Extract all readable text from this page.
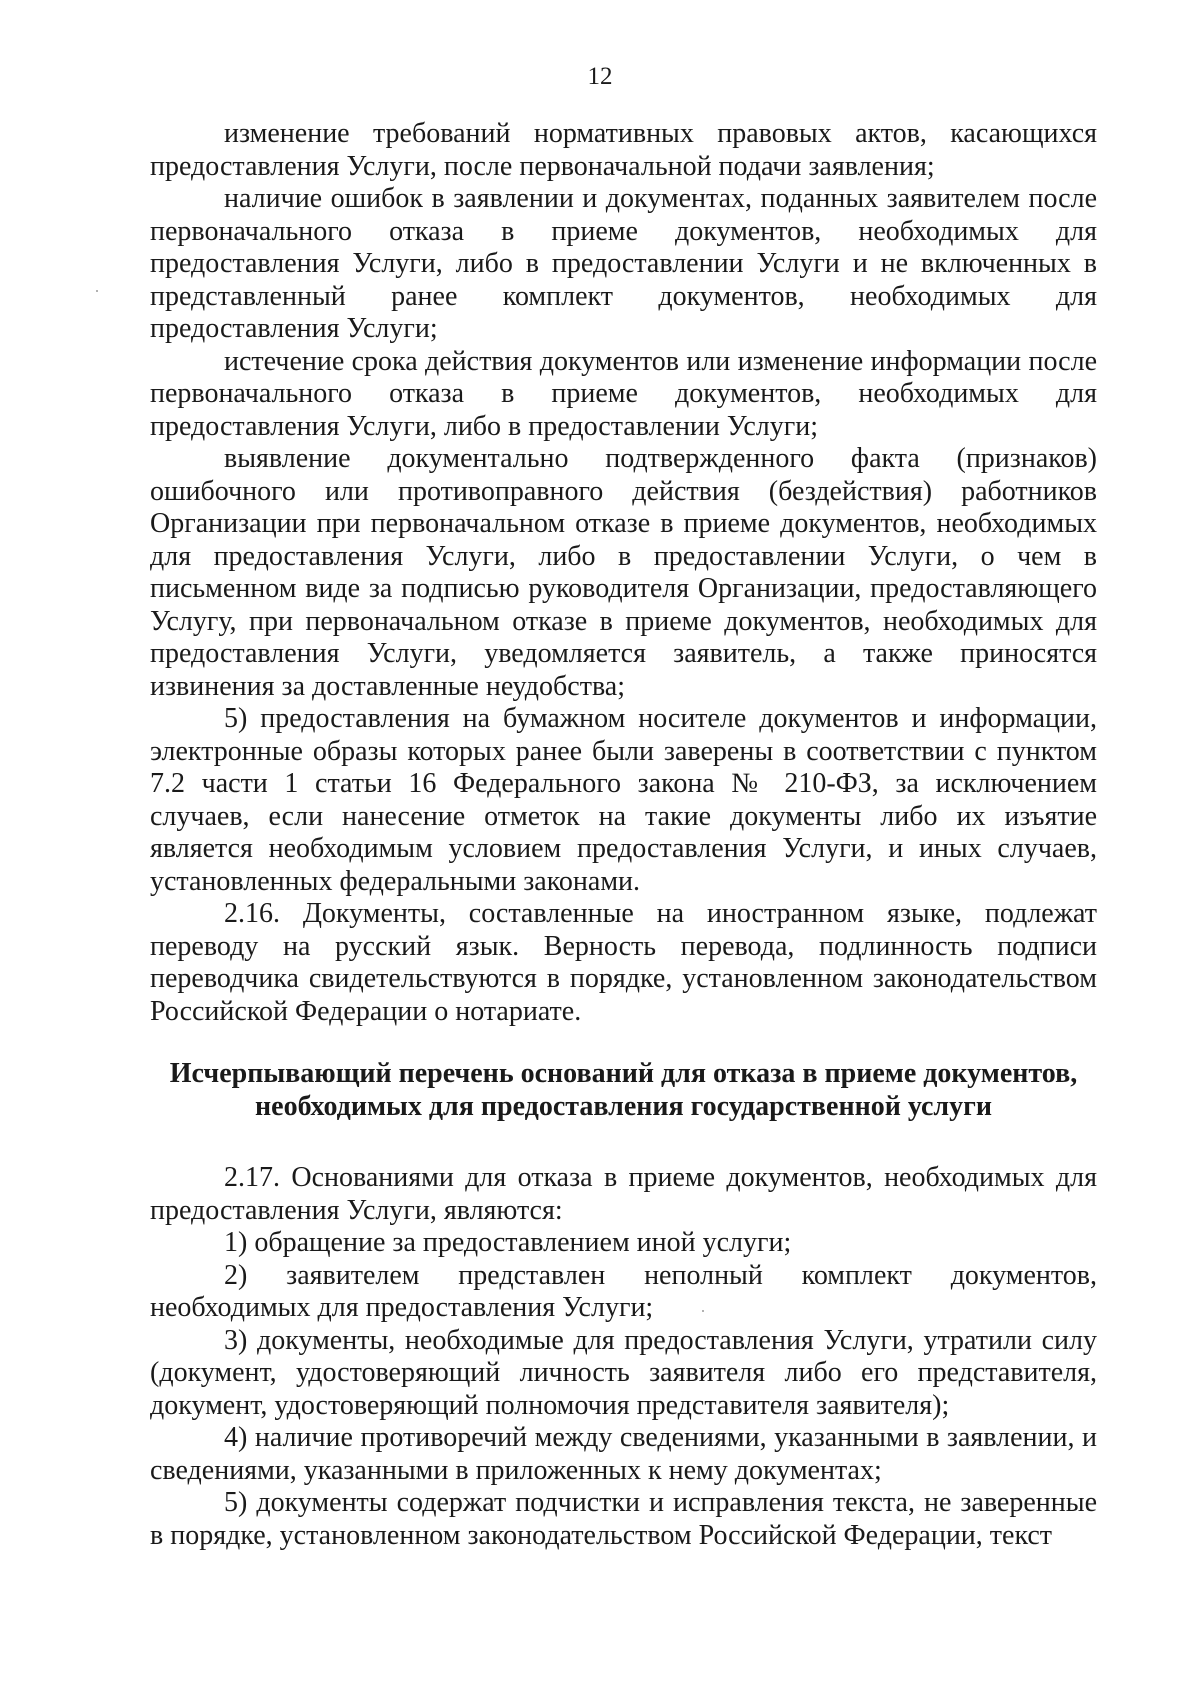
12

изменение требований нормативных правовых актов, касающихся предоставления Услуги, после первоначальной подачи заявления;

наличие ошибок в заявлении и документах, поданных заявителем после первоначального отказа в приеме документов, необходимых для предоставления Услуги, либо в предоставлении Услуги и не включенных в представленный ранее комплект документов, необходимых для предоставления Услуги;

истечение срока действия документов или изменение информации после первоначального отказа в приеме документов, необходимых для предоставления Услуги, либо в предоставлении Услуги;

выявление документально подтвержденного факта (признаков) ошибочного или противоправного действия (бездействия) работников Организации при первоначальном отказе в приеме документов, необходимых для предоставления Услуги, либо в предоставлении Услуги, о чем в письменном виде за подписью руководителя Организации, предоставляющего Услугу, при первоначальном отказе в приеме документов, необходимых для предоставления Услуги, уведомляется заявитель, а также приносятся извинения за доставленные неудобства;

5) предоставления на бумажном носителе документов и информации, электронные образы которых ранее были заверены в соответствии с пунктом 7.2 части 1 статьи 16 Федерального закона № 210-ФЗ, за исключением случаев, если нанесение отметок на такие документы либо их изъятие является необходимым условием предоставления Услуги, и иных случаев, установленных федеральными законами.

2.16. Документы, составленные на иностранном языке, подлежат переводу на русский язык. Верность перевода, подлинность подписи переводчика свидетельствуются в порядке, установленном законодательством Российской Федерации о нотариате.

Исчерпывающий перечень оснований для отказа в приеме документов,
необходимых для предоставления государственной услуги

2.17. Основаниями для отказа в приеме документов, необходимых для предоставления Услуги, являются:

1) обращение за предоставлением иной услуги;

2) заявителем представлен неполный комплект документов, необходимых для предоставления Услуги;

3) документы, необходимые для предоставления Услуги, утратили силу (документ, удостоверяющий личность заявителя либо его представителя, документ, удостоверяющий полномочия представителя заявителя);

4) наличие противоречий между сведениями, указанными в заявлении, и сведениями, указанными в приложенных к нему документах;

5) документы содержат подчистки и исправления текста, не заверенные в порядке, установленном законодательством Российской Федерации, текст
